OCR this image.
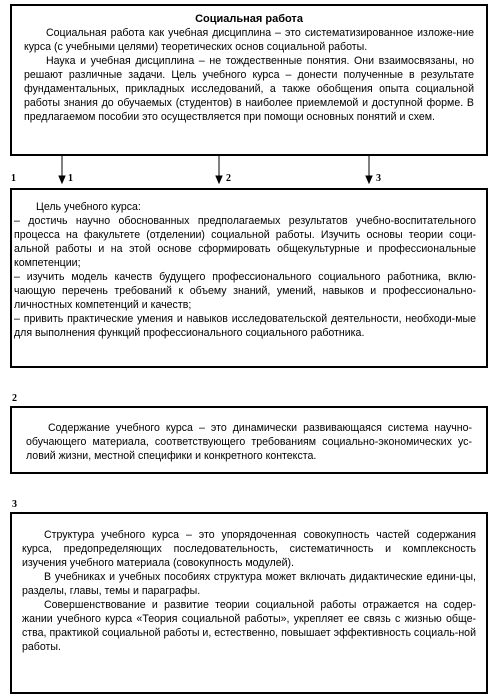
Социальная работа

Социальная работа как учебная дисциплина – это систематизированное изложе-ние курса (с учебными целями) теоретических основ социальной работы.

Наука и учебная дисциплина – не тождественные понятия. Они взаимосвязаны, но решают различные задачи. Цель учебного курса – донести полученные в результате фундаментальных, прикладных исследований, а также обобщения опыта социальной работы знания до обучаемых (студентов) в наиболее приемлемой и доступной форме. В предлагаемом пособии это осуществляется при помощи основных понятий и схем.

1	1	2	3

Цель учебного курса:

– достичь научно обоснованных предполагаемых результатов учебно-воспитательного процесса на факультете (отделении) социальной работы. Изучить основы теории соци-альной работы и на этой основе сформировать общекультурные и профессиональные компетенции;

– изучить модель качеств будущего профессионального социального работника, вклю-чающую перечень требований к объему знаний, умений, навыков и профессионально-личностных компетенций и качеств;

– привить практические умения и навыков исследовательской деятельности, необходи-мые для выполнения функций профессионального социального работника.

2

Содержание учебного курса – это динамически развивающаяся система научно-обучающего материала, соответствующего требованиям социально-экономических ус-ловий жизни, местной специфики и конкретного контекста.

3

Структура учебного курса – это упорядоченная совокупность частей содержания курса, предопределяющих последовательность, систематичность и комплексность изучения учебного материала (совокупность модулей).

В учебниках и учебных пособиях структура может включать дидактические едини-цы, разделы, главы, темы и параграфы.

Совершенствование и развитие теории социальной работы отражается на содер-жании учебного курса «Теория социальной работы», укрепляет ее связь с жизнью обще-ства, практикой социальной работы и, естественно, повышает эффективность социаль-ной работы.
